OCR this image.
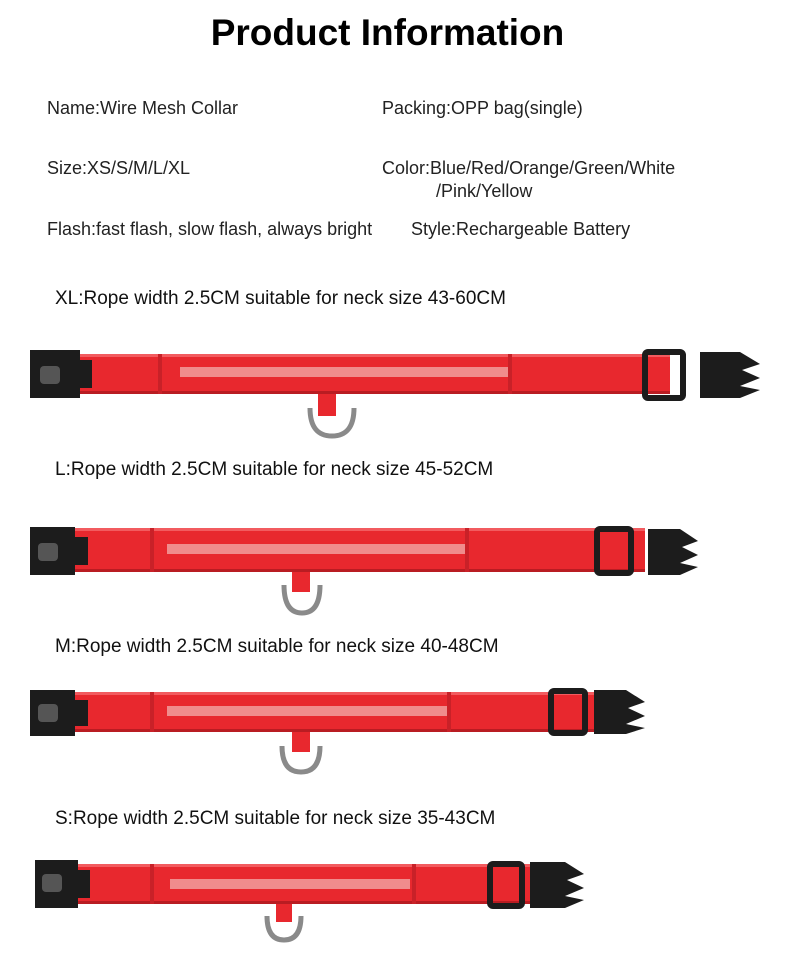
Product Information
Name:Wire Mesh Collar	Packing:OPP bag(single)
Size:XS/S/M/L/XL	Color:Blue/Red/Orange/Green/White
/Pink/Yellow
Flash:fast flash, slow flash, always bright Style:Rechargeable Battery
XL:Rope width 2.5CM suitable for neck size 43-60CM
L:Rope width 2.5CM suitable for neck size 45-52CM
M:Rope width 2.5CM suitable for neck size 40-48CM
S:Rope width 2.5CM suitable for neck size 35-43CM
